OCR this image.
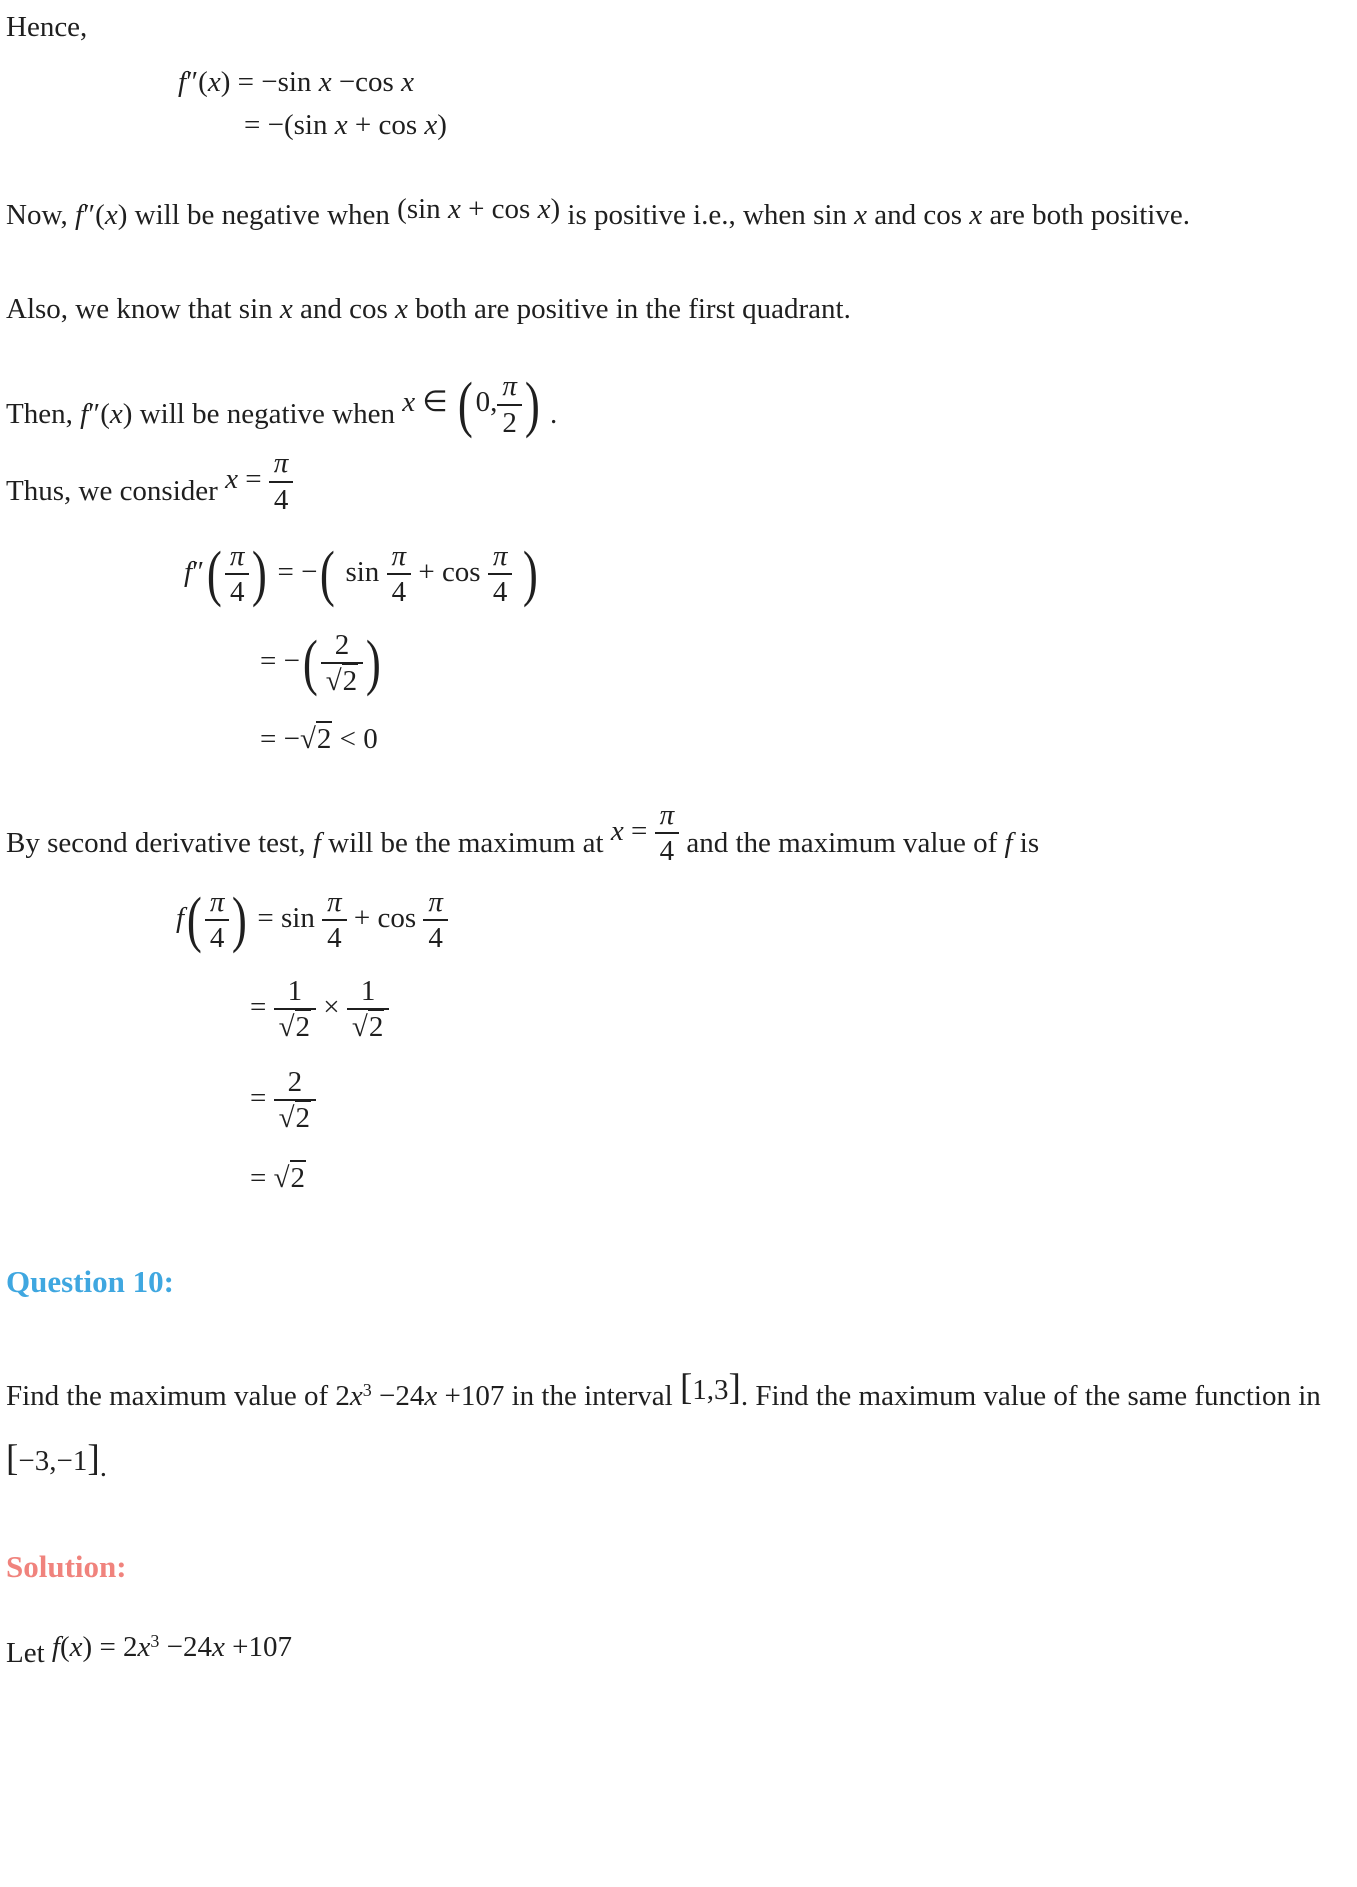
Hence,

f″(x) = −sin x −cos x
= −(sin x + cos x)

Now, f″(x) will be negative when (sin x + cos x) is positive i.e., when sin x and cos x are both positive.

Also, we know that sin x and cos x both are positive in the first quadrant.

Then, f″(x) will be negative when x ∈ ( 0, $\frac{\pi}{2}$ ) .

Thus, we consider $x = \frac{\pi}{4}$

$f''( \frac{\pi}{4}$ ) = −( $\sin \frac{\pi}{4} + \cos \frac{\pi}{4}$ )
= −( $\frac{2}{√2}$ )
= −√2 < 0

By second derivative test, f will be the maximum at $x = \frac{\pi}{4}$ and the maximum value of f is

$f( \frac{\pi}{4}$ ) = $\sin \frac{\pi}{4} + \cos \frac{\pi}{4}$
= $\frac{1}{√2} \times \frac{1}{√2}$
= $\frac{2}{√2}$
= √2

Question 10:

Find the maximum value of $2x^3 -24x +107$ in the interval [1,3]. Find the maximum value of the same function in [−3,−1].

Solution:

Let $f(x) = 2x^3 -24x +107$
